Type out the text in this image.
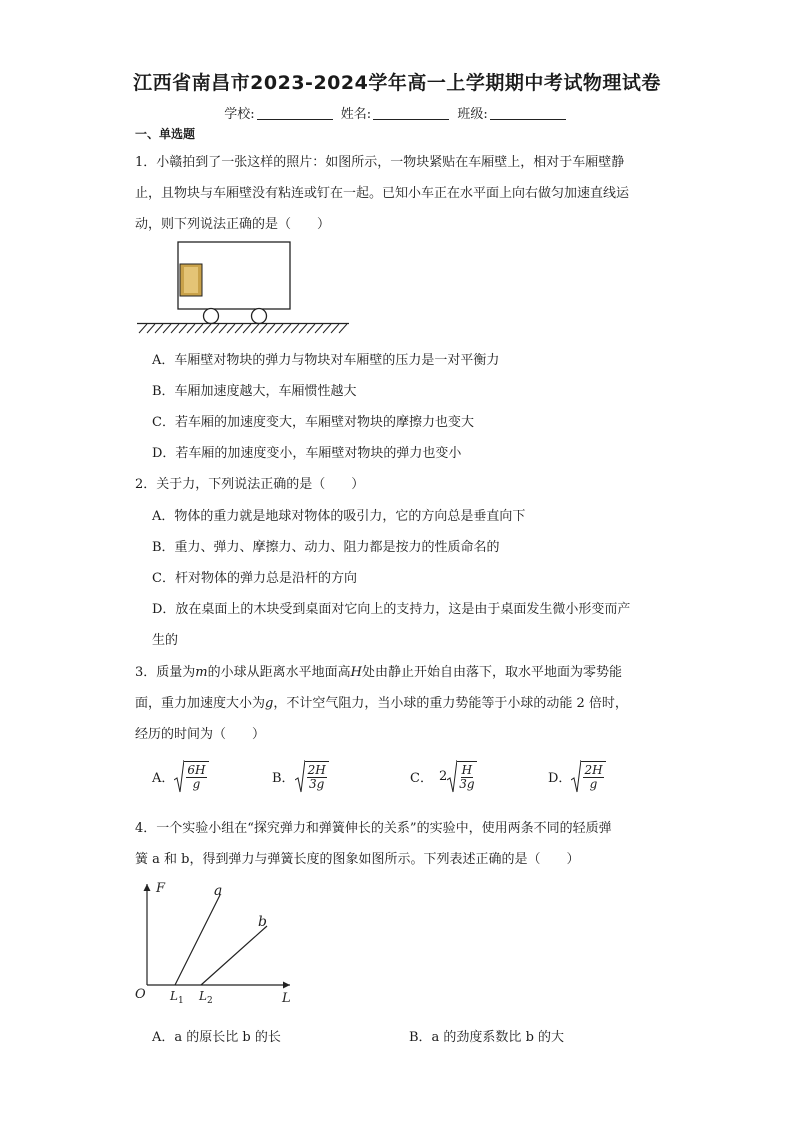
江西省南昌市2023-2024学年高一上学期期中考试物理试卷
学校:	姓名:	班级:
一、单选题
1．小赣拍到了一张这样的照片：如图所示，一物块紧贴在车厢壁上，相对于车厢壁静
止，且物块与车厢壁没有粘连或钉在一起。已知小车正在水平面上向右做匀加速直线运
动，则下列说法正确的是（　　）
A．车厢壁对物块的弹力与物块对车厢壁的压力是一对平衡力
B．车厢加速度越大，车厢惯性越大
C．若车厢的加速度变大，车厢壁对物块的摩擦力也变大
D．若车厢的加速度变小，车厢壁对物块的弹力也变小
2．关于力，下列说法正确的是（　　）
A．物体的重力就是地球对物体的吸引力，它的方向总是垂直向下
B．重力、弹力、摩擦力、动力、阻力都是按力的性质命名的
C．杆对物体的弹力总是沿杆的方向
D．放在桌面上的木块受到桌面对它向上的支持力，这是由于桌面发生微小形变而产
生的
3．质量为m的小球从距离水平地面高H处由静止开始自由落下，取水平地面为零势能
面，重力加速度大小为g，不计空气阻力，当小球的重力势能等于小球的动能 2 倍时，
经历的时间为（　　）
A． $\frac{6H}{g}$	B． $\frac{2H}{3g}$	C． $2 \frac{H}{3g}$	D． $\frac{2H}{g}$
4．一个实验小组在“探究弹力和弹簧伸长的关系”的实验中，使用两条不同的轻质弹
簧 a 和 b，得到弹力与弹簧长度的图象如图所示。下列表述正确的是（　　）
F
L
O
a
b
$L_1$ $L_2$
A．a 的原长比 b 的长	B．a 的劲度系数比 b 的大
